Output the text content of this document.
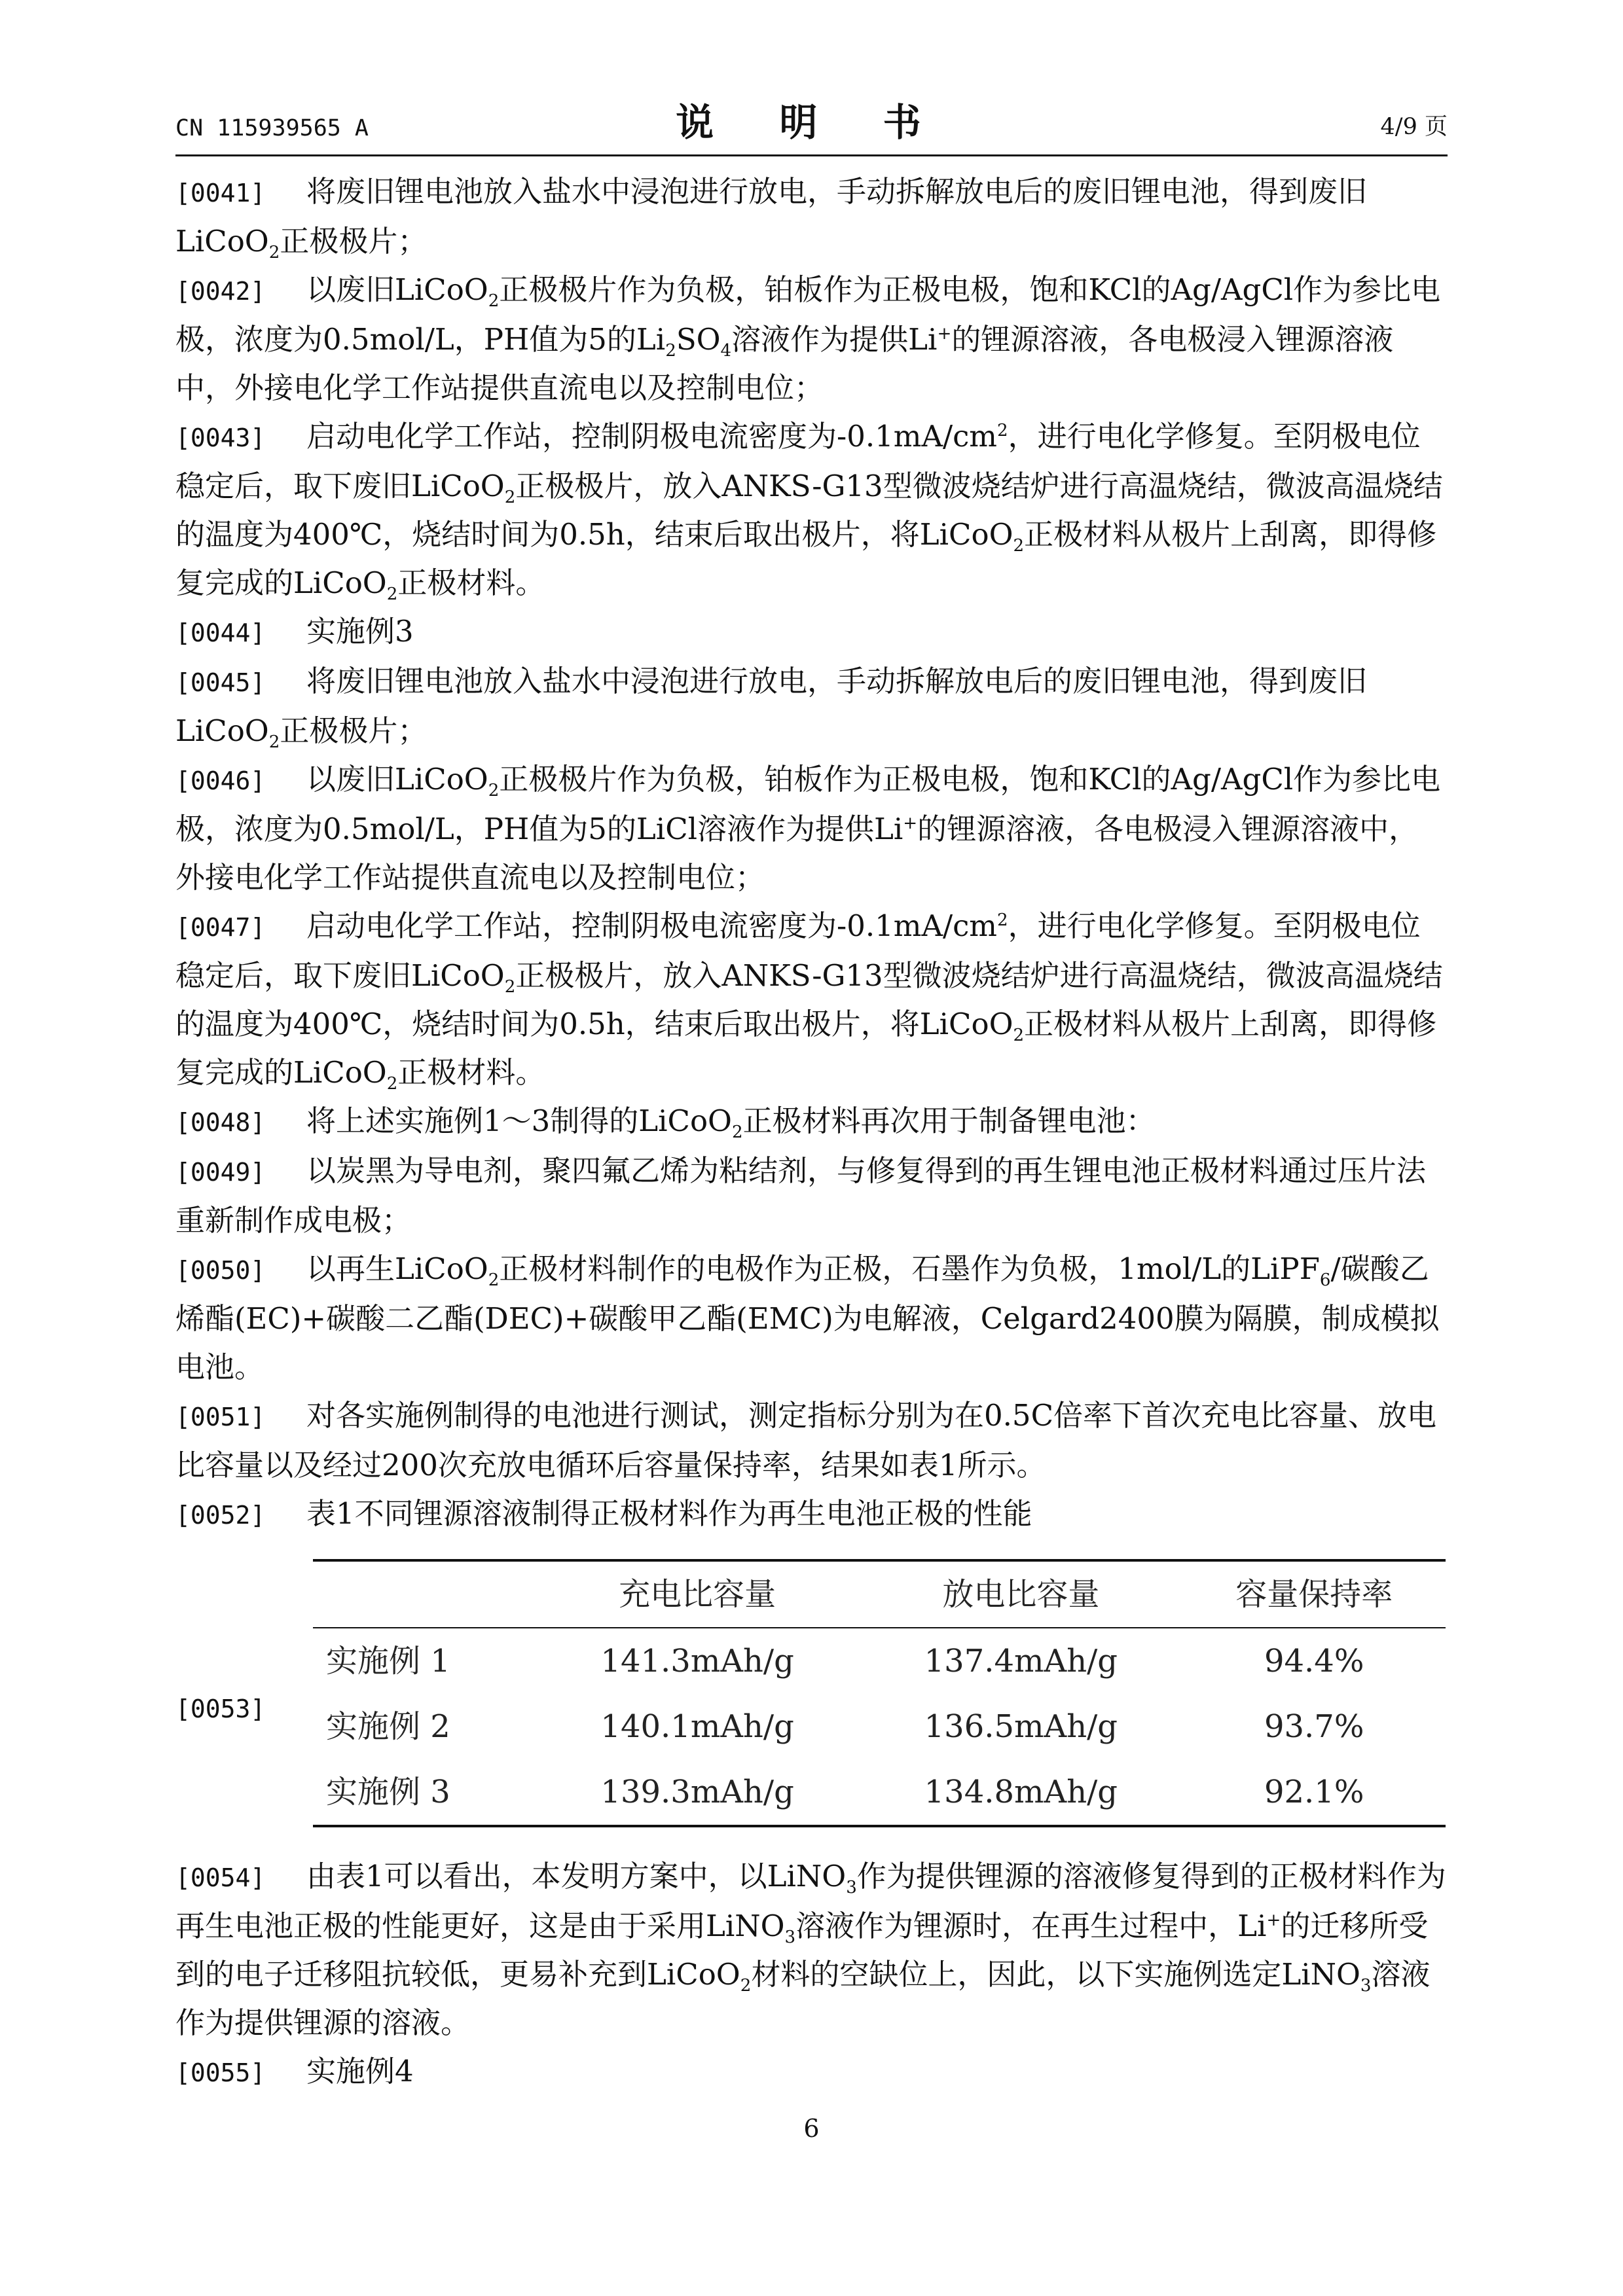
CN 115939565 A	说 明 书	4/9 页

[0041] 将废旧锂电池放入盐水中浸泡进行放电，手动拆解放电后的废旧锂电池，得到废旧LiCoO$_2$正极极片；

[0042] 以废旧LiCoO$_2$正极极片作为负极，铂板作为正极电极，饱和KCl的Ag/AgCl作为参比电极，浓度为0.5mol/L，PH值为5的$Li_2SO_4$溶液作为提供Li+的锂源溶液，各电极浸入锂源溶液中，外接电化学工作站提供直流电以及控制电位；

[0043] 启动电化学工作站，控制阴极电流密度为$-0.1mA/cm^2$，进行电化学修复。至阴极电位稳定后，取下废旧LiCoO$_2$正极极片，放入ANKS-G13型微波烧结炉进行高温烧结，微波高温烧结的温度为400℃，烧结时间为0.5h，结束后取出极片，将LiCoO$_2$正极材料从极片上刮离，即得修复完成的LiCoO$_2$正极材料。

[0044] 实施例3

[0045] 将废旧锂电池放入盐水中浸泡进行放电，手动拆解放电后的废旧锂电池，得到废旧LiCoO$_2$正极极片；

[0046] 以废旧LiCoO$_2$正极极片作为负极，铂板作为正极电极，饱和KCl的Ag/AgCl作为参比电极，浓度为0.5mol/L，PH值为5的LiCl溶液作为提供Li+的锂源溶液，各电极浸入锂源溶液中，外接电化学工作站提供直流电以及控制电位；

[0047] 启动电化学工作站，控制阴极电流密度为$-0.1mA/cm^2$，进行电化学修复。至阴极电位稳定后，取下废旧LiCoO$_2$正极极片，放入ANKS-G13型微波烧结炉进行高温烧结，微波高温烧结的温度为400℃，烧结时间为0.5h，结束后取出极片，将LiCoO$_2$正极材料从极片上刮离，即得修复完成的LiCoO$_2$正极材料。

[0048] 将上述实施例1～3制得的LiCoO$_2$正极材料再次用于制备锂电池：

[0049] 以炭黑为导电剂，聚四氟乙烯为粘结剂，与修复得到的再生锂电池正极材料通过压片法重新制作成电极；

[0050] 以再生LiCoO$_2$正极材料制作的电极作为正极，石墨作为负极，1mol/L的LiPF$_6$/碳酸乙烯酯(EC)+碳酸二乙酯(DEC)+碳酸甲乙酯(EMC)为电解液，Celgard2400膜为隔膜，制成模拟电池。

[0051] 对各实施例制得的电池进行测试，测定指标分别为在0.5C倍率下首次充电比容量、放电比容量以及经过200次充放电循环后容量保持率，结果如表1所示。

[0052] 表1不同锂源溶液制得正极材料作为再生电池正极的性能

[0053]
	充电比容量	放电比容量	容量保持率
实施例 1	141.3mAh/g	137.4mAh/g	94.4%
实施例 2	140.1mAh/g	136.5mAh/g	93.7%
实施例 3	139.3mAh/g	134.8mAh/g	92.1%

[0054] 由表1可以看出，本发明方案中，以LiNO$_3$作为提供锂源的溶液修复得到的正极材料作为再生电池正极的性能更好，这是由于采用LiNO$_3$溶液作为锂源时，在再生过程中，Li+的迁移所受到的电子迁移阻抗较低，更易补充到LiCoO$_2$材料的空缺位上，因此，以下实施例选定LiNO$_3$溶液作为提供锂源的溶液。

[0055] 实施例4

6
